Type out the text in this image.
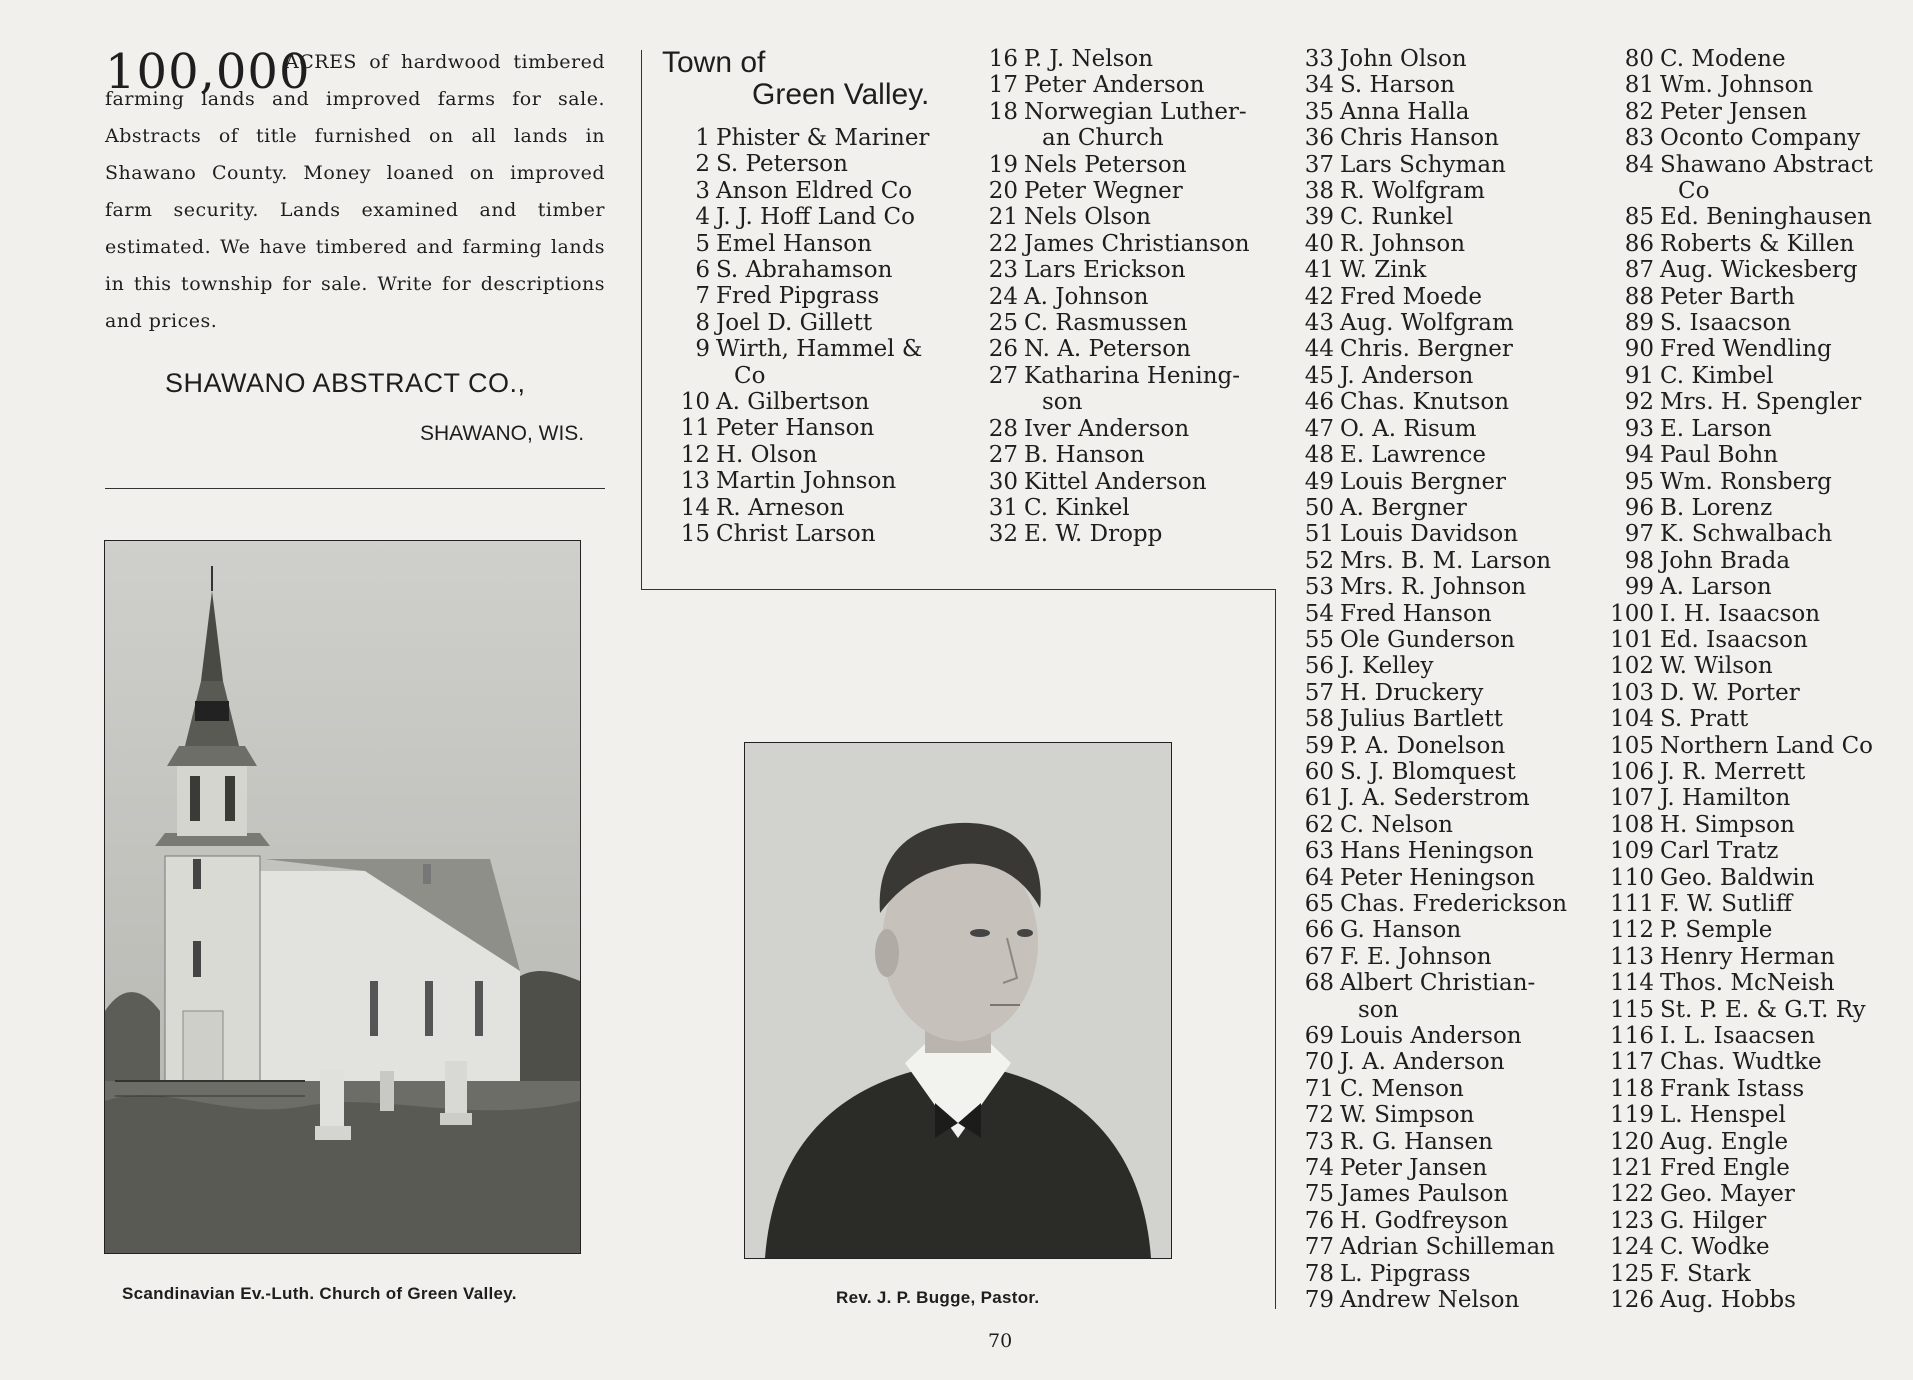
100,000
ACRES of hardwood timbered farming lands and improved farms for sale. Abstracts of title furnished on all lands in Shawano County. Money loaned on improved farm security. Lands examined and timber estimated. We have timbered and farming lands in this township for sale. Write for descriptions and prices.
SHAWANO ABSTRACT CO.,
SHAWANO, WIS.
Town of
Green Valley.
1 Phister & Mariner
2 S. Peterson
3 Anson Eldred Co
4 J. J. Hoff Land Co
5 Emel Hanson
6 S. Abrahamson
7 Fred Pipgrass
8 Joel D. Gillett
9 Wirth, Hammel &
Co
10 A. Gilbertson
11 Peter Hanson
12 H. Olson
13 Martin Johnson
14 R. Arneson
15 Christ Larson
16 P. J. Nelson
17 Peter Anderson
18 Norwegian Luther-
an Church
19 Nels Peterson
20 Peter Wegner
21 Nels Olson
22 James Christianson
23 Lars Erickson
24 A. Johnson
25 C. Rasmussen
26 N. A. Peterson
27 Katharina Hening-
son
28 Iver Anderson
27 B. Hanson
30 Kittel Anderson
31 C. Kinkel
32 E. W. Dropp
33 John Olson
34 S. Harson
35 Anna Halla
36 Chris Hanson
37 Lars Schyman
38 R. Wolfgram
39 C. Runkel
40 R. Johnson
41 W. Zink
42 Fred Moede
43 Aug. Wolfgram
44 Chris. Bergner
45 J. Anderson
46 Chas. Knutson
47 O. A. Risum
48 E. Lawrence
49 Louis Bergner
50 A. Bergner
51 Louis Davidson
52 Mrs. B. M. Larson
53 Mrs. R. Johnson
54 Fred Hanson
55 Ole Gunderson
56 J. Kelley
57 H. Druckery
58 Julius Bartlett
59 P. A. Donelson
60 S. J. Blomquest
61 J. A. Sederstrom
62 C. Nelson
63 Hans Heningson
64 Peter Heningson
65 Chas. Frederickson
66 G. Hanson
67 F. E. Johnson
68 Albert Christian-
son
69 Louis Anderson
70 J. A. Anderson
71 C. Menson
72 W. Simpson
73 R. G. Hansen
74 Peter Jansen
75 James Paulson
76 H. Godfreyson
77 Adrian Schilleman
78 L. Pipgrass
79 Andrew Nelson
80 C. Modene
81 Wm. Johnson
82 Peter Jensen
83 Oconto Company
84 Shawano Abstract
Co
85 Ed. Beninghausen
86 Roberts & Killen
87 Aug. Wickesberg
88 Peter Barth
89 S. Isaacson
90 Fred Wendling
91 C. Kimbel
92 Mrs. H. Spengler
93 E. Larson
94 Paul Bohn
95 Wm. Ronsberg
96 B. Lorenz
97 K. Schwalbach
98 John Brada
99 A. Larson
100 I. H. Isaacson
101 Ed. Isaacson
102 W. Wilson
103 D. W. Porter
104 S. Pratt
105 Northern Land Co
106 J. R. Merrett
107 J. Hamilton
108 H. Simpson
109 Carl Tratz
110 Geo. Baldwin
111 F. W. Sutliff
112 P. Semple
113 Henry Herman
114 Thos. McNeish
115 St. P. E. & G.T. Ry
116 I. L. Isaacsen
117 Chas. Wudtke
118 Frank Istass
119 L. Henspel
120 Aug. Engle
121 Fred Engle
122 Geo. Mayer
123 G. Hilger
124 C. Wodke
125 F. Stark
126 Aug. Hobbs
Scandinavian Ev.-Luth. Church of Green Valley.	Rev. J. P. Bugge, Pastor.
70
